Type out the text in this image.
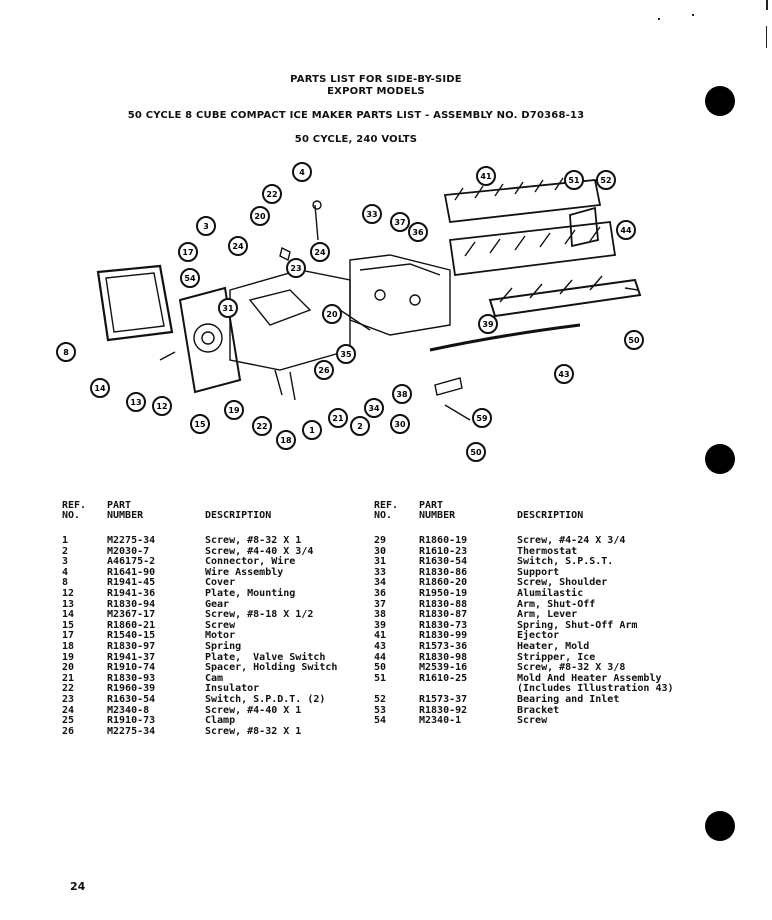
PARTS LIST FOR SIDE-BY-SIDE
EXPORT MODELS
50 CYCLE 8 CUBE COMPACT ICE MAKER PARTS LIST - ASSEMBLY NO. D70368-13
50 CYCLE, 240 VOLTS
4	41	51	52
22
3
20	33
37
36	44
17
24
23
24
54
31
8	35
20
39
50
14
13 12
26
38
43
19
15	22
18
1
21
2
34
30
59
50
REF.
NO.
PART
NUMBER	DESCRIPTION
1	M2275-34	Screw, #8-32 X 1
2	M2030-7	Screw, #4-40 X 3/4
3	A46175-2	Connector, Wire
4	R1641-90	Wire Assembly
8	R1941-45	Cover
12	R1941-36	Plate, Mounting
13	R1830-94	Gear
14	M2367-17	Screw, #8-18 X 1/2
15	R1860-21	Screw
17	R1540-15	Motor
18	R1830-97	Spring
19	R1941-37	Plate,  Valve Switch
20	R1910-74	Spacer, Holding Switch
21	R1830-93	Cam
22	R1960-39	Insulator
23	R1630-54	Switch, S.P.D.T. (2)
24	M2340-8	Screw, #4-40 X 1
25	R1910-73	Clamp
26	M2275-34	Screw, #8-32 X 1
REF.
NO.
PART
NUMBER	DESCRIPTION
29	R1860-19	Screw, #4-24 X 3/4
30	R1610-23	Thermostat
31	R1630-54	Switch, S.P.S.T.
33	R1830-86	Support
34	R1860-20	Screw, Shoulder
36	R1950-19	Alumilastic
37	R1830-88	Arm, Shut-Off
38	R1830-87	Arm, Lever
39	R1830-73	Spring, Shut-Off Arm
41	R1830-99	Ejector
43	R1573-36	Heater, Mold
44	R1830-98	Stripper, Ice
50	M2539-16	Screw, #8-32 X 3/8
51	R1610-25	Mold And Heater Assembly
(Includes Illustration 43)
52	R1573-37	Bearing and Inlet
53	R1830-92	Bracket
54	M2340-1	Screw
24
